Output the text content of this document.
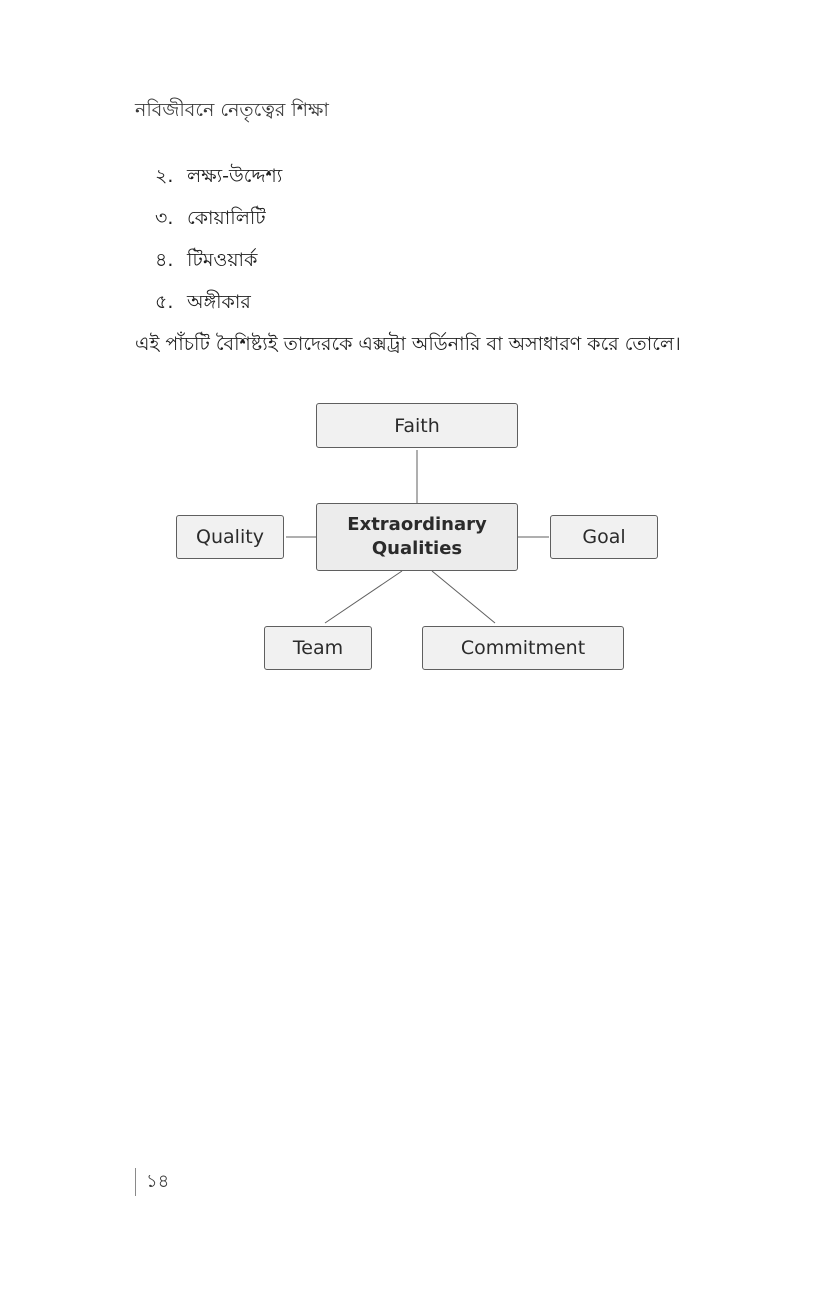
নবিজীবনে নেতৃত্বের শিক্ষা
২. লক্ষ্য-উদ্দেশ্য
৩. কোয়ালিটি
৪. টিমওয়ার্ক
৫. অঙ্গীকার
এই পাঁচটি বৈশিষ্ট্যই তাদেরকে এক্সট্রা অর্ডিনারি বা অসাধারণ করে তোলে।
Faith
Extraordinary
Qualities
Quality	Goal
Team	Commitment
১৪
